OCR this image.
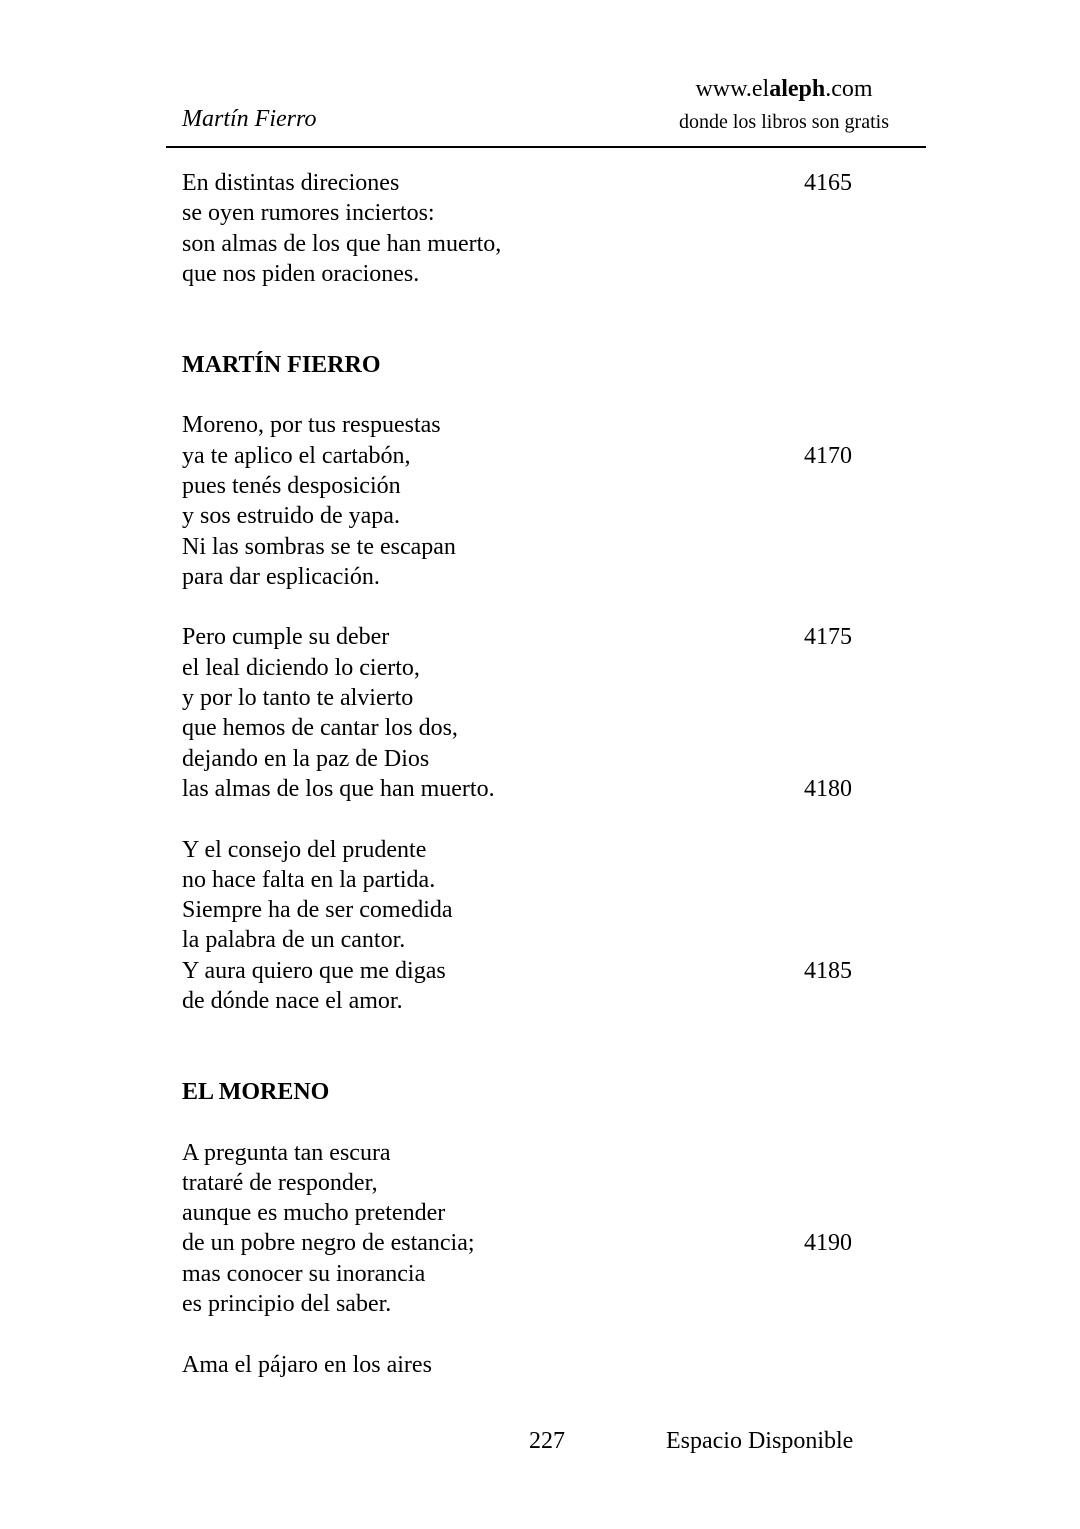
Martín Fierro
www.elaleph.com
donde los libros son gratis
En distintas direciones	4165
se oyen rumores inciertos:
son almas de los que han muerto,
que nos piden oraciones.
MARTÍN FIERRO
Moreno, por tus respuestas
ya te aplico el cartabón,	4170
pues tenés desposición
y sos estruido de yapa.
Ni las sombras se te escapan
para dar esplicación.
Pero cumple su deber	4175
el leal diciendo lo cierto,
y por lo tanto te alvierto
que hemos de cantar los dos,
dejando en la paz de Dios
las almas de los que han muerto.	4180
Y el consejo del prudente
no hace falta en la partida.
Siempre ha de ser comedida
la palabra de un cantor.
Y aura quiero que me digas	4185
de dónde nace el amor.
EL MORENO
A pregunta tan escura
trataré de responder,
aunque es mucho pretender
de un pobre negro de estancia;	4190
mas conocer su inorancia
es principio del saber.
Ama el pájaro en los aires
227	Espacio Disponible
